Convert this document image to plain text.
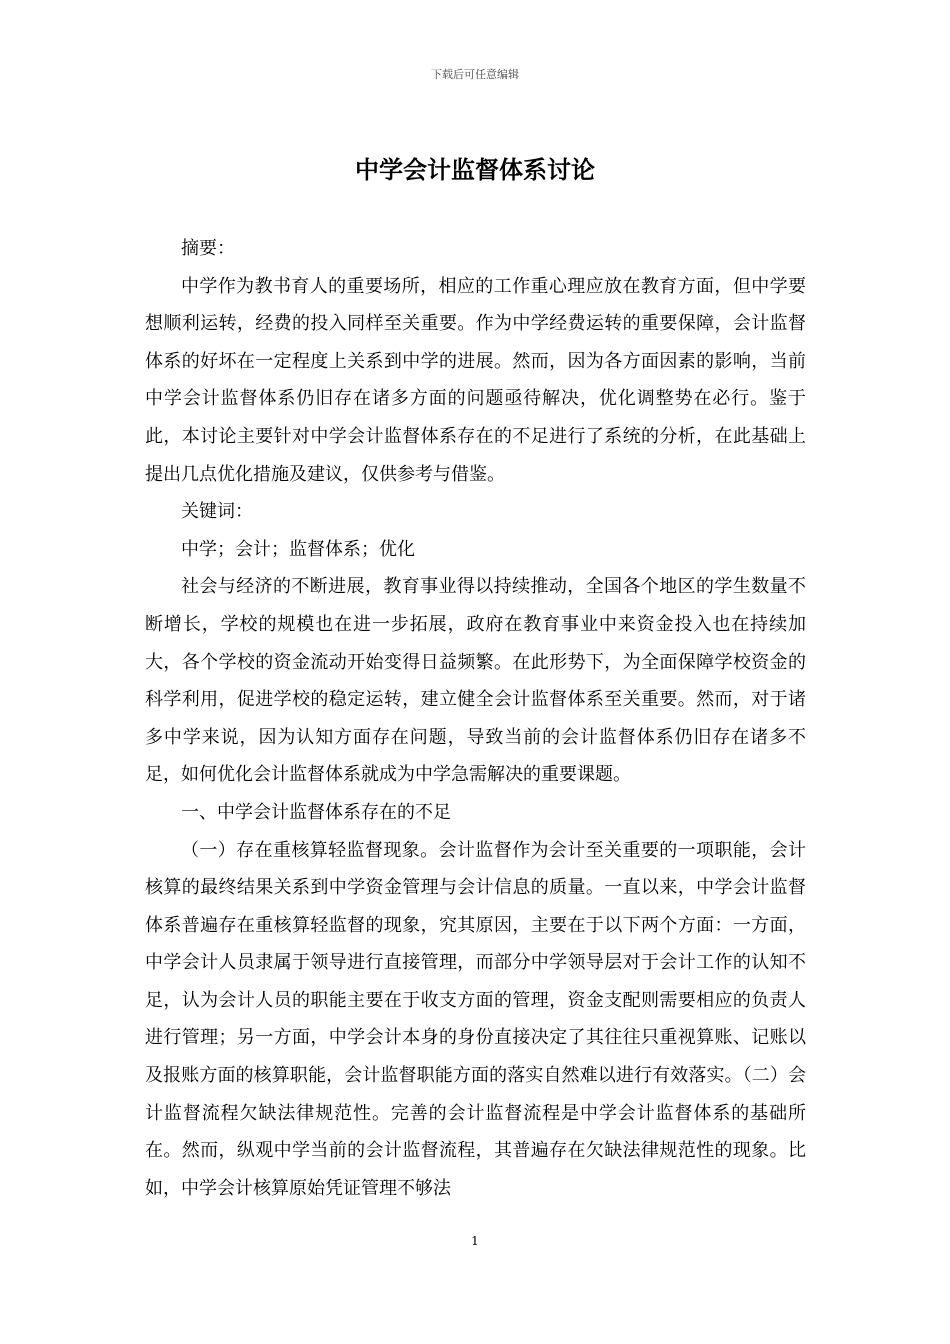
下载后可任意编辑
中学会计监督体系讨论

摘要：

中学作为教书育人的重要场所，相应的工作重心理应放在教育方面，但中学要想顺利运转，经费的投入同样至关重要。作为中学经费运转的重要保障，会计监督体系的好坏在一定程度上关系到中学的进展。然而，因为各方面因素的影响，当前中学会计监督体系仍旧存在诸多方面的问题亟待解决，优化调整势在必行。鉴于此，本讨论主要针对中学会计监督体系存在的不足进行了系统的分析，在此基础上提出几点优化措施及建议，仅供参考与借鉴。

关键词：

中学；会计；监督体系；优化

社会与经济的不断进展，教育事业得以持续推动，全国各个地区的学生数量不断增长，学校的规模也在进一步拓展，政府在教育事业中来资金投入也在持续加大，各个学校的资金流动开始变得日益频繁。在此形势下，为全面保障学校资金的科学利用，促进学校的稳定运转，建立健全会计监督体系至关重要。然而，对于诸多中学来说，因为认知方面存在问题，导致当前的会计监督体系仍旧存在诸多不足，如何优化会计监督体系就成为中学急需解决的重要课题。

一、中学会计监督体系存在的不足

（一）存在重核算轻监督现象。会计监督作为会计至关重要的一项职能，会计核算的最终结果关系到中学资金管理与会计信息的质量。一直以来，中学会计监督体系普遍存在重核算轻监督的现象，究其原因，主要在于以下两个方面：一方面，中学会计人员隶属于领导进行直接管理，而部分中学领导层对于会计工作的认知不足，认为会计人员的职能主要在于收支方面的管理，资金支配则需要相应的负责人进行管理；另一方面，中学会计本身的身份直接决定了其往往只重视算账、记账以及报账方面的核算职能，会计监督职能方面的落实自然难以进行有效落实。（二）会计监督流程欠缺法律规范性。完善的会计监督流程是中学会计监督体系的基础所在。然而，纵观中学当前的会计监督流程，其普遍存在欠缺法律规范性的现象。比如，中学会计核算原始凭证管理不够法

1
